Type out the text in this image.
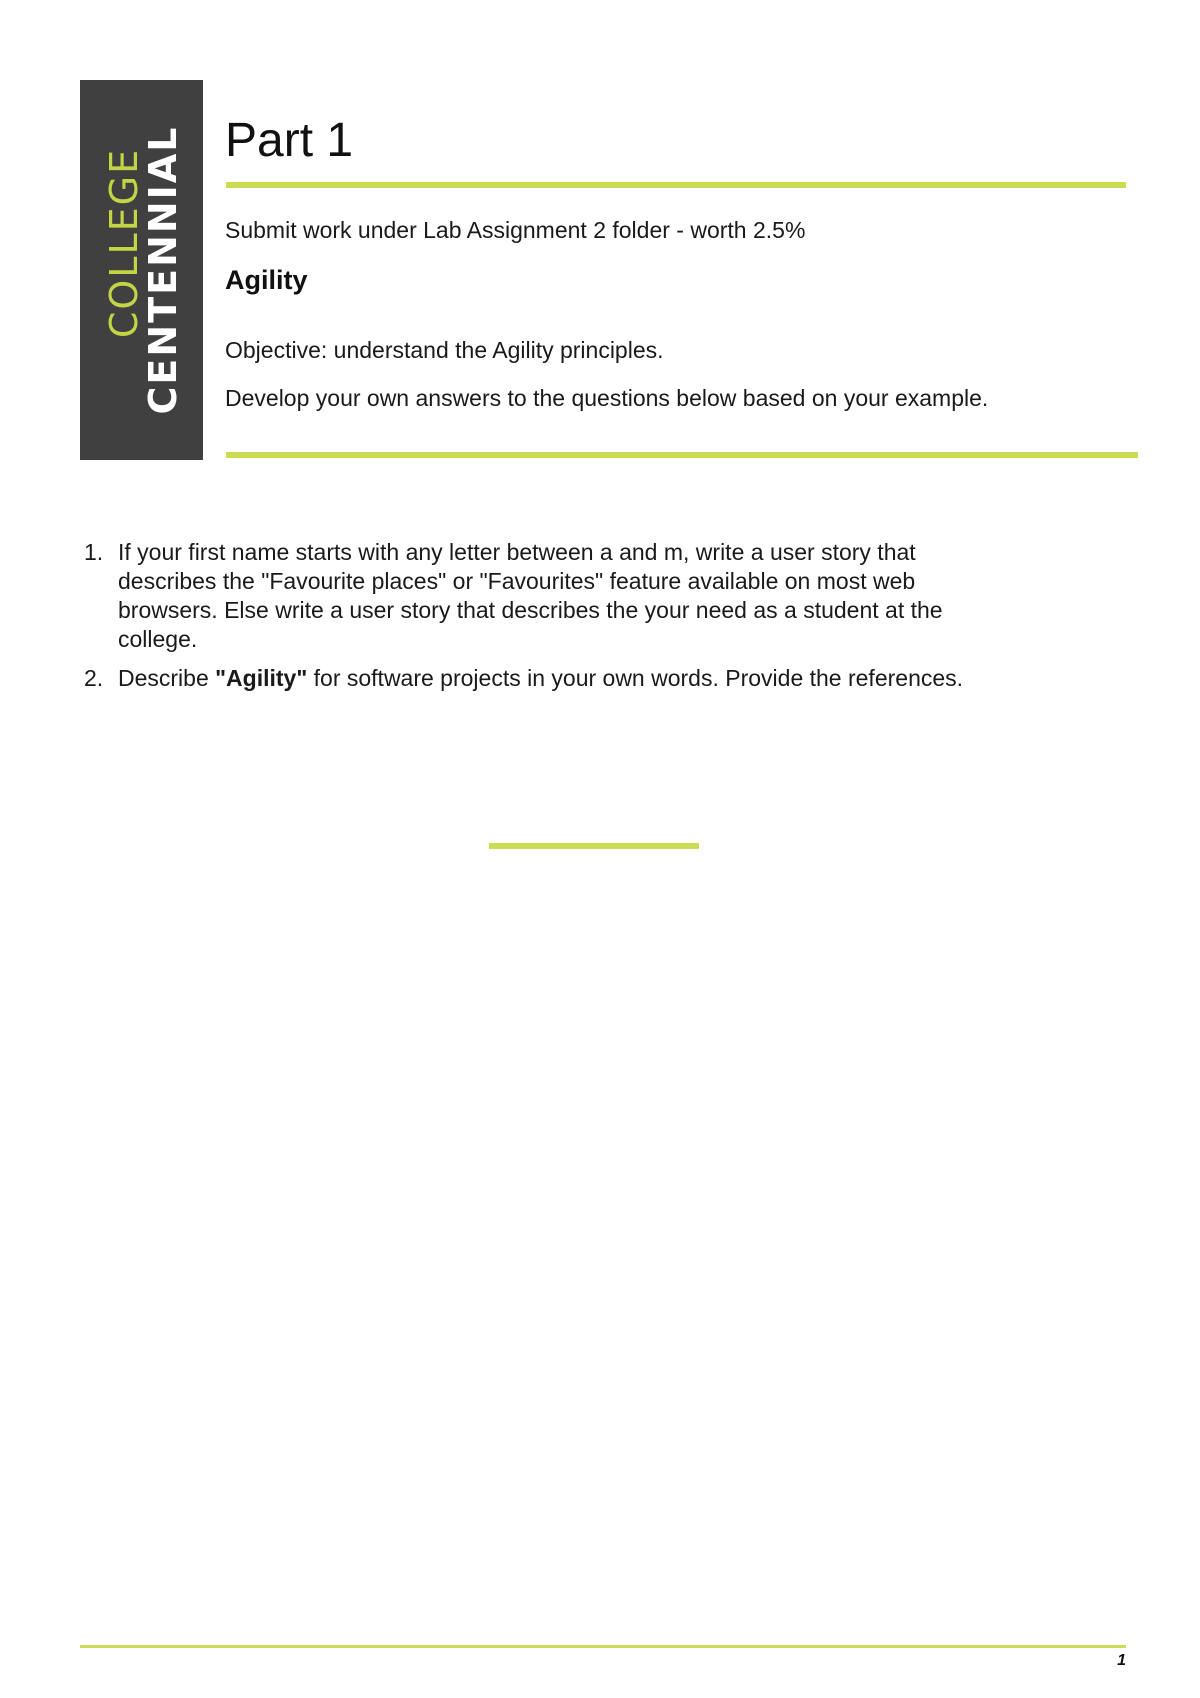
CENTENNIAL
COLLEGE
Part 1
Submit work under Lab Assignment 2 folder - worth 2.5%
Agility
Objective: understand the Agility principles.
Develop your own answers to the questions below based on your example.
1. If your first name starts with any letter between a and m, write a user story that describes the "Favourite places" or "Favourites" feature available on most web browsers. Else write a user story that describes the your need as a student at the college.
2. Describe "Agility" for software projects in your own words. Provide the references.
1
